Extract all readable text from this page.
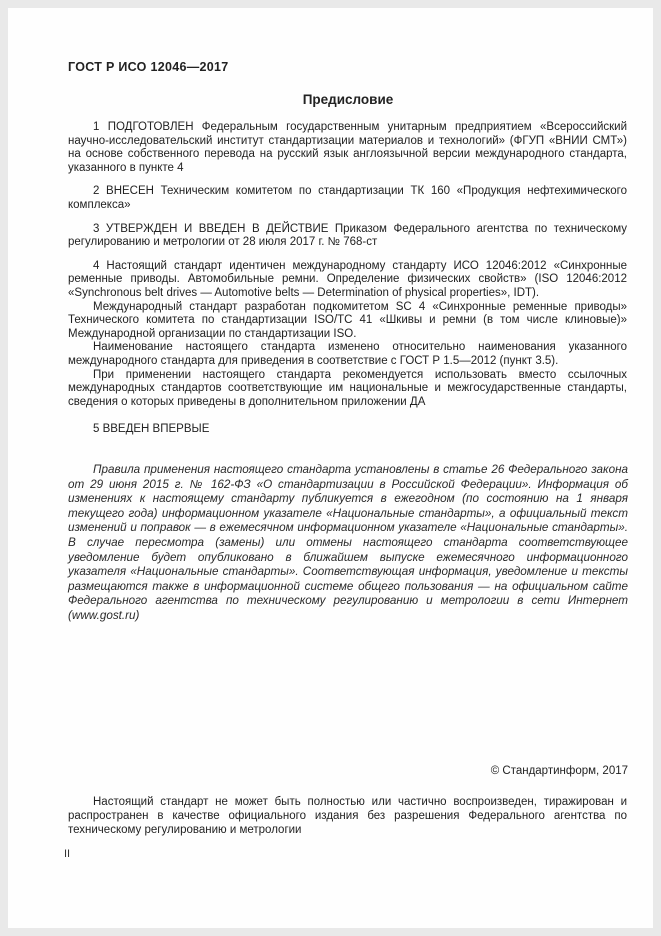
ГОСТ Р ИСО 12046—2017
Предисловие

1 ПОДГОТОВЛЕН Федеральным государственным унитарным предприятием «Всероссийский научно-исследовательский институт стандартизации материалов и технологий» (ФГУП «ВНИИ СМТ») на основе собственного перевода на русский язык англоязычной версии международного стандарта, указанного в пункте 4

2 ВНЕСЕН Техническим комитетом по стандартизации ТК 160 «Продукция нефтехимического комплекса»

3 УТВЕРЖДЕН И ВВЕДЕН В ДЕЙСТВИЕ Приказом Федерального агентства по техническому регулированию и метрологии от 28 июля 2017 г. № 768-ст

4 Настоящий стандарт идентичен международному стандарту ИСО 12046:2012 «Синхронные ременные приводы. Автомобильные ремни. Определение физических свойств» (ISO 12046:2012 «Synchronous belt drives — Automotive belts — Determination of physical properties», IDT).

Международный стандарт разработан подкомитетом SC 4 «Синхронные ременные приводы» Технического комитета по стандартизации ISO/TC 41 «Шкивы и ремни (в том числе клиновые)» Международной организации по стандартизации ISO.

Наименование настоящего стандарта изменено относительно наименования указанного международного стандарта для приведения в соответствие с ГОСТ Р 1.5—2012 (пункт 3.5).

При применении настоящего стандарта рекомендуется использовать вместо ссылочных международных стандартов соответствующие им национальные и межгосударственные стандарты, сведения о которых приведены в дополнительном приложении ДА

5 ВВЕДЕН ВПЕРВЫЕ

Правила применения настоящего стандарта установлены в статье 26 Федерального закона от 29 июня 2015 г. № 162-ФЗ «О стандартизации в Российской Федерации». Информация об изменениях к настоящему стандарту публикуется в ежегодном (по состоянию на 1 января текущего года) информационном указателе «Национальные стандарты», а официальный текст изменений и поправок — в ежемесячном информационном указателе «Национальные стандарты». В случае пересмотра (замены) или отмены настоящего стандарта соответствующее уведомление будет опубликовано в ближайшем выпуске ежемесячного информационного указателя «Национальные стандарты». Соответствующая информация, уведомление и тексты размещаются также в информационной системе общего пользования — на официальном сайте Федерального агентства по техническому регулированию и метрологии в сети Интернет (www.gost.ru)

© Стандартинформ, 2017

Настоящий стандарт не может быть полностью или частично воспроизведен, тиражирован и распространен в качестве официального издания без разрешения Федерального агентства по техническому регулированию и метрологии

II
